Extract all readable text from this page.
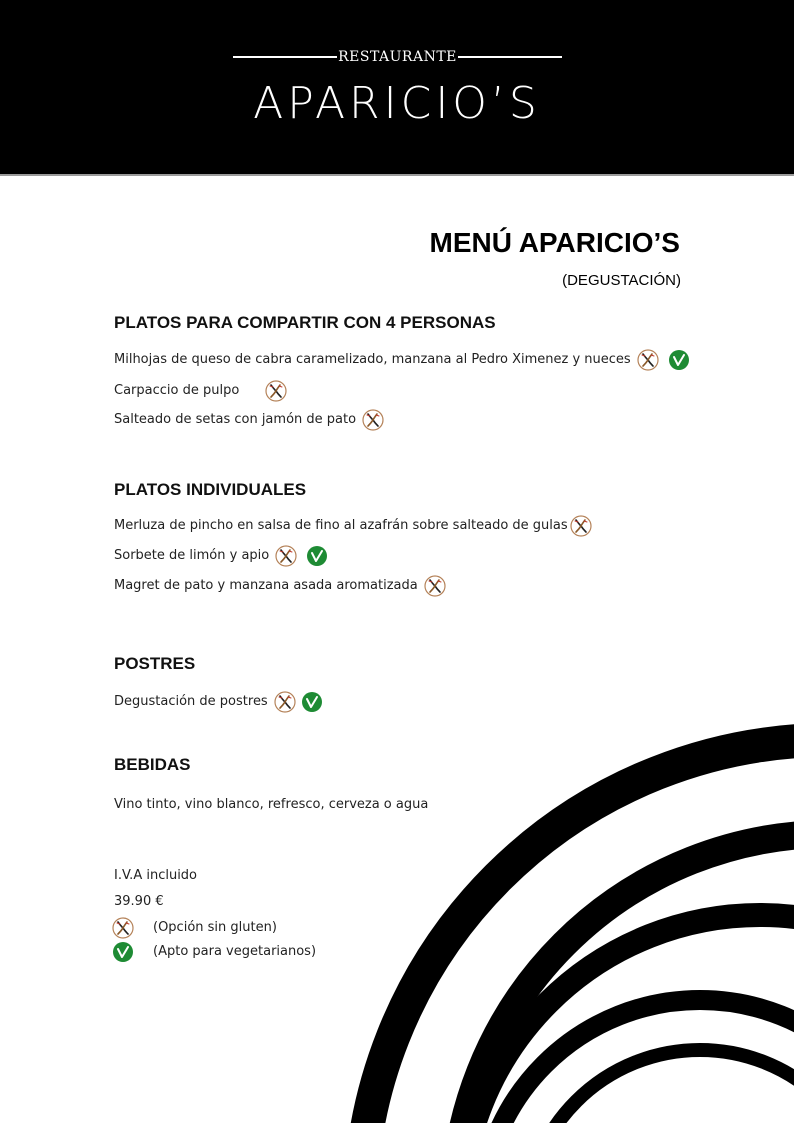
RESTAURANTE
APARICIO’S
MENÚ APARICIO’S
(DEGUSTACIÓN)
PLATOS PARA COMPARTIR CON 4 PERSONAS
Milhojas de queso de cabra caramelizado, manzana al Pedro Ximenez y nueces
Carpaccio de pulpo
Salteado de setas con jamón de pato
PLATOS INDIVIDUALES
Merluza de pincho en salsa de fino al azafrán sobre salteado de gulas
Sorbete de limón y apio
Magret de pato y manzana asada aromatizada
POSTRES
Degustación de postres
BEBIDAS
Vino tinto, vino blanco, refresco, cerveza o agua
I.V.A incluido
39.90 €
(Opción sin gluten)
(Apto para vegetarianos)
